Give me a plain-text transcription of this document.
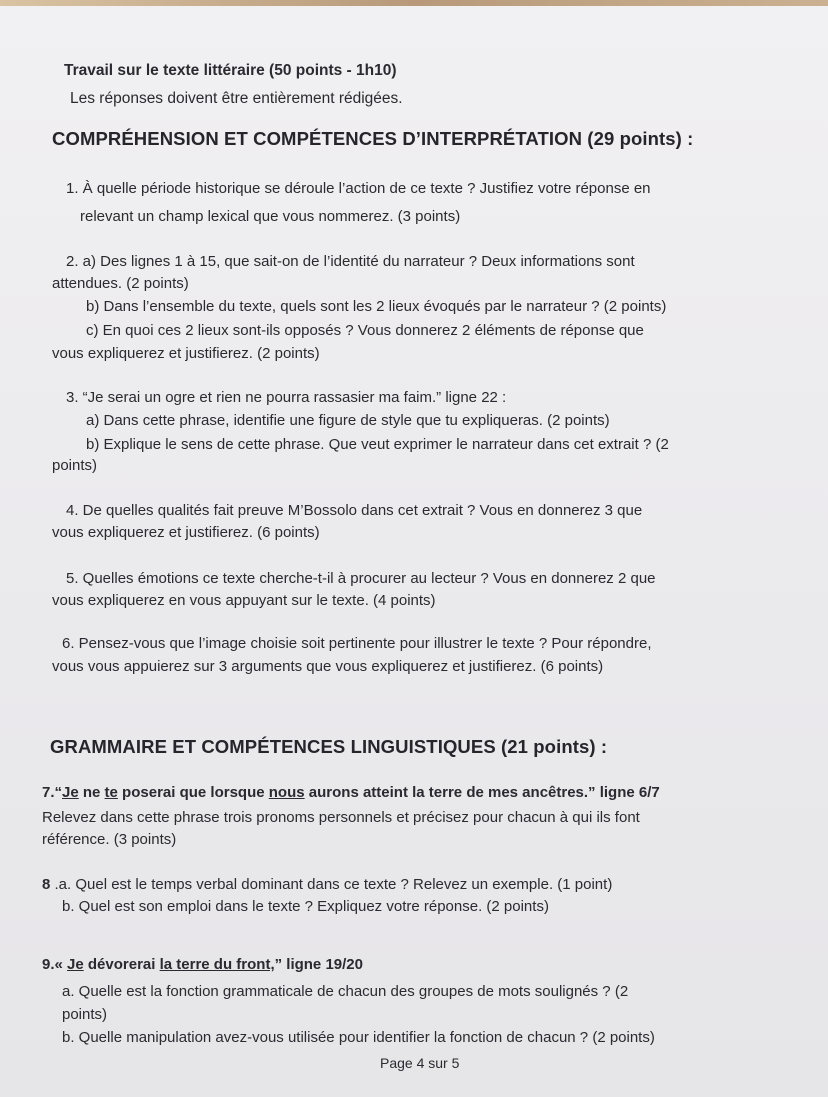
Travail sur le texte littéraire (50 points - 1h10)
Les réponses doivent être entièrement rédigées.
COMPRÉHENSION ET COMPÉTENCES D’INTERPRÉTATION (29 points) :
1. À quelle période historique se déroule l’action de ce texte ? Justifiez votre réponse en
relevant un champ lexical que vous nommerez. (3 points)
2. a) Des lignes 1 à 15, que sait-on de l’identité du narrateur ? Deux informations sont
attendues. (2 points)
b) Dans l’ensemble du texte, quels sont les 2 lieux évoqués par le narrateur ? (2 points)
c) En quoi ces 2 lieux sont-ils opposés ? Vous donnerez 2 éléments de réponse que
vous expliquerez et justifierez. (2 points)
3. “Je serai un ogre et rien ne pourra rassasier ma faim.” ligne 22 :
a) Dans cette phrase, identifie une figure de style que tu expliqueras. (2 points)
b) Explique le sens de cette phrase. Que veut exprimer le narrateur dans cet extrait ? (2
points)
4. De quelles qualités fait preuve M’Bossolo dans cet extrait ? Vous en donnerez 3 que
vous expliquerez et justifierez. (6 points)
5. Quelles émotions ce texte cherche-t-il à procurer au lecteur ? Vous en donnerez 2 que
vous expliquerez en vous appuyant sur le texte. (4 points)
6. Pensez-vous que l’image choisie soit pertinente pour illustrer le texte ? Pour répondre,
vous vous appuierez sur 3 arguments que vous expliquerez et justifierez. (6 points)
GRAMMAIRE ET COMPÉTENCES LINGUISTIQUES (21 points) :
7.“Je ne te poserai que lorsque nous aurons atteint la terre de mes ancêtres.” ligne 6/7
Relevez dans cette phrase trois pronoms personnels et précisez pour chacun à qui ils font
référence. (3 points)
8 .a. Quel est le temps verbal dominant dans ce texte ? Relevez un exemple. (1 point)
b. Quel est son emploi dans le texte ? Expliquez votre réponse. (2 points)
9.« Je dévorerai la terre du front,” ligne 19/20
a. Quelle est la fonction grammaticale de chacun des groupes de mots soulignés ? (2
points)
b. Quelle manipulation avez-vous utilisée pour identifier la fonction de chacun ? (2 points)
Page 4 sur 5
